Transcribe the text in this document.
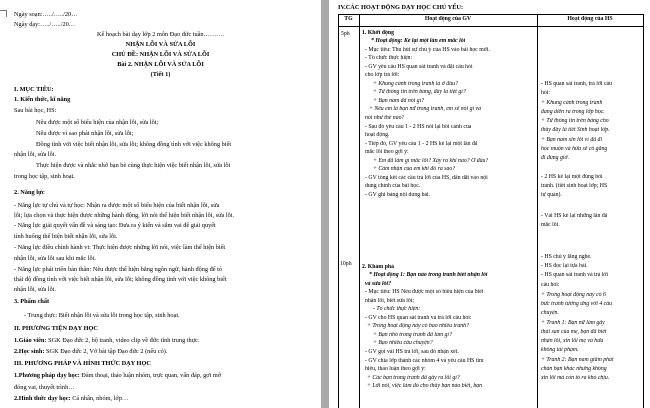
Ngày soạn:…../…../20…
Ngày dạy:…../…../20…
Kế hoạch bài dạy lớp 2 môn Đạo đức tuần……….
NHẬN LỖI VÀ SỬA LỖI
CHỦ ĐỀ: NHẬN LỖI VÀ SỬA LỖI
Bài 2. NHẬN LỖI VÀ SỬA LỖI
(Tiết 1)
I. MỤC TIÊU:
1. Kiến thức, kĩ năng
Sau bài học, HS:
Nêu được một số biểu hiện của nhận lỗi, sửa lỗi;
Nêu được vì sao phải nhận lỗi, sửa lỗi;
Đồng tình với việc biết nhận lỗi, sửa lỗi; không đồng tình với việc không biết
nhận lỗi, sửa lỗi.
Thực hiện được và nhắc nhở bạn bè cùng thực hiện việc biết nhận lỗi, sửa lỗi
trong học tập, sinh hoạt.
2. Năng lực
- Năng lực tự chủ và tự học: Nhận ra được một số biểu hiện của biết nhận lỗi, sửa
lỗi; lựa chọn và thực hiện được những hành động, lời nói thể hiện biết nhận lỗi, sửa lỗi.
- Năng lực giải quyết vấn đề và sáng tạo: Đưa ra ý kiến và sắm vai để giải quyết
tình huống thể hiện biết nhận lỗi, sửa lỗi.
- Năng lực điều chỉnh hành vi: Thực hiện được những lời nói, việc làm thể hiện biết
nhận lỗi, sửa lỗi sau khi mắc lỗi.
- Năng lực phát triển bản thân: Nêu được thế hiện bằng ngôn ngữ, hành động để tỏ
thái độ đồng tình với việc biết nhận lỗi, sửa lỗi; không đồng tình với việc không biết
nhận lỗi, sửa lỗi.
3. Phẩm chất
- Trung thực: Biết nhận lỗi và sửa lỗi trong học tập, sinh hoạt.
II. PHƯƠNG TIỆN DẠY HỌC
1.Giáo viên: SGK Đạo đức 2, bộ tranh, video clip về đức tính trung thực.
2.Học sinh: SGK Đạo đức 2, Vở bài tập Đạo đức 2 (nếu có).
III. PHƯƠNG PHÁP VÀ HÌNH THỨC DẠY HỌC
1.Phương pháp dạy học: Đàm thoại, thảo luận nhóm, trực quan, vấn đáp, gợi mở
đóng vai, thuyết trình…
2.Hình thức dạy học: Cá nhân, nhóm, lớp…
IV.CÁC HOẠT ĐỘNG DẠY HỌC CHỦ YẾU:
TG	Hoạt động của GV	Hoạt động của HS
5ph
10ph
1. Khởi động
* Hoạt động: Kể lại một lần em mắc lỗi
- Mục tiêu: Thu hút sự chú ý của HS vào bài học mới.
- Tổ chức thực hiện:
- GV yêu cầu HS quan sát tranh và đặt câu hỏi
cho lớp trả lời:
+ Khung cảnh trong tranh là ở đâu?
+ Từ thông tin trên bảng, đây là tiết gì?
+ Bạn nam đã nói gì?
+ Nếu em là bạn nữ trong tranh, em sẽ nói gì và
nói như thế nào?
- Sau đó yêu cầu 1 - 2 HS nói lại bối cảnh của
hoạt động.
- Tiếp đó, GV yêu cầu 1 - 2 HS kể lại một lần đã
mắc lỗi theo gợi ý:
+ Em đã làm gì mắc lỗi? Xảy ra khi nào? Ở đâu?
+ Cảm nhận của em khi đó ra sao?
- GV tổng kết các câu trả lời của HS, dẫn dắt vào nội
dung chính của bài học.
- GV ghi bảng nội dung bài.
2. Khám phá
* Hoạt động 1: Bạn nào trong tranh biết nhận lỗi
và sửa lỗi?
- Mục tiêu: HS Nêu được một số biểu hiện của biết
nhận lỗi, biết sửa lỗi;
- Tổ chức thực hiện:
- GV cho HS quan sát tranh và trả lời câu hỏi:
+ Trong hoạt động này có bao nhiêu tranh?
+ Bạn nhỏ trong tranh đã làm gì?
+ Bạo nhiêu câu chuyện?
- GV gọi vài HS trả lời, sau đó nhận xét.
- GV chia lớp thành các nhóm 4 và yêu cầu HS tìm
hiểu, thảo luận theo gợi ý:
+ Các bạn trong tranh đã gây ra lỗi gì?
+ Lời nói, việc làm đó cho thấy bạn nào biết, bạn
- HS quan sát tranh, trả lời câu
hỏi:
+ Khung cảnh trong tranh
đang diễn ra trong lớp học.
+ Từ thông tin trên bảng cho
thấy đây là tiết Sinh hoạt lớp.
+ Bạn nam xin lỗi vì đã đi
học muộn và hứa sẽ cố gắng
đi đúng giờ.
- 2 HS kể lại một đúng bối
tranh. (tiết sinh hoạt lớp; HS
tự quản).
- Vài HS kể lại những lần đã
mắc lỗi.
- HS chú ý lắng nghe.
- HS đọc lại tựa bài.
- HS quan sát tranh và trả lời
câu hỏi:
+ Trong hoạt động này có 6
bức tranh tương ứng với 4 câu
chuyện.
+ Tranh 1: Bạn nữ làm gãy
thái sạn của mẹ, bạn đã biết
nhận lỗi, xin lỗi mẹ và hứa
không tái phạm.
+ Tranh 2: Bạn nam giẫm phải
chân bạn khác nhưng không
xin lỗi mà còn tỏ ra khó chịu.
